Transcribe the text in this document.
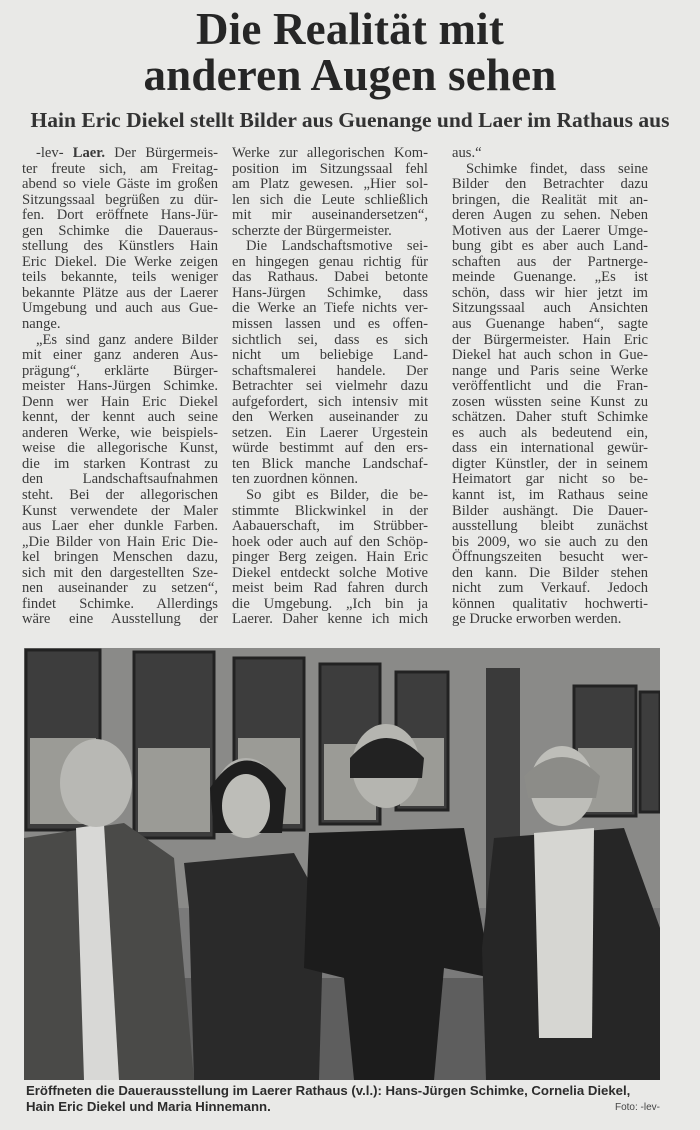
Die Realität mit
anderen Augen sehen
Hain Eric Diekel stellt Bilder aus Guenange und Laer im Rathaus aus
-lev- Laer. Der Bürgermeis-
ter freute sich, am Freitag-
abend so viele Gäste im großen
Sitzungssaal begrüßen zu dür-
fen. Dort eröffnete Hans-Jür-
gen Schimke die Daueraus-
stellung des Künstlers Hain
Eric Diekel. Die Werke zeigen
teils bekannte, teils weniger
bekannte Plätze aus der Laerer
Umgebung und auch aus Gue-
nange.
„Es sind ganz andere Bilder
mit einer ganz anderen Aus-
prägung“, erklärte Bürger-
meister Hans-Jürgen Schimke.
Denn wer Hain Eric Diekel
kennt, der kennt auch seine
anderen Werke, wie beispiels-
weise die allegorische Kunst,
die im starken Kontrast zu
den Landschaftsaufnahmen
steht. Bei der allegorischen
Kunst verwendete der Maler
aus Laer eher dunkle Farben.
„Die Bilder von Hain Eric Die-
kel bringen Menschen dazu,
sich mit den dargestellten Sze-
nen auseinander zu setzen“,
findet Schimke. Allerdings
wäre eine Ausstellung der
Werke zur allegorischen Kom-
position im Sitzungssaal fehl
am Platz gewesen. „Hier sol-
len sich die Leute schließlich
mit mir auseinandersetzen“,
scherzte der Bürgermeister.
Die Landschaftsmotive sei-
en hingegen genau richtig für
das Rathaus. Dabei betonte
Hans-Jürgen Schimke, dass
die Werke an Tiefe nichts ver-
missen lassen und es offen-
sichtlich sei, dass es sich
nicht um beliebige Land-
schaftsmalerei handele. Der
Betrachter sei vielmehr dazu
aufgefordert, sich intensiv mit
den Werken auseinander zu
setzen. Ein Laerer Urgestein
würde bestimmt auf den ers-
ten Blick manche Landschaf-
ten zuordnen können.
So gibt es Bilder, die be-
stimmte Blickwinkel in der
Aabauerschaft, im Strübber-
hoek oder auch auf den Schöp-
pinger Berg zeigen. Hain Eric
Diekel entdeckt solche Motive
meist beim Rad fahren durch
die Umgebung. „Ich bin ja
Laerer. Daher kenne ich mich
aus.“
Schimke findet, dass seine
Bilder den Betrachter dazu
bringen, die Realität mit an-
deren Augen zu sehen. Neben
Motiven aus der Laerer Umge-
bung gibt es aber auch Land-
schaften aus der Partnerge-
meinde Guenange. „Es ist
schön, dass wir hier jetzt im
Sitzungssaal auch Ansichten
aus Guenange haben“, sagte
der Bürgermeister. Hain Eric
Diekel hat auch schon in Gue-
nange und Paris seine Werke
veröffentlicht und die Fran-
zosen wüssten seine Kunst zu
schätzen. Daher stuft Schimke
es auch als bedeutend ein,
dass ein international gewür-
digter Künstler, der in seinem
Heimatort gar nicht so be-
kannt ist, im Rathaus seine
Bilder aushängt. Die Dauer-
ausstellung bleibt zunächst
bis 2009, wo sie auch zu den
Öffnungszeiten besucht wer-
den kann. Die Bilder stehen
nicht zum Verkauf. Jedoch
können qualitativ hochwerti-
ge Drucke erworben werden.
Eröffneten die Dauerausstellung im Laerer Rathaus (v.l.): Hans-Jürgen Schimke, Cornelia Diekel, Hain Eric Diekel und Maria Hinnemann.	Foto: -lev-
